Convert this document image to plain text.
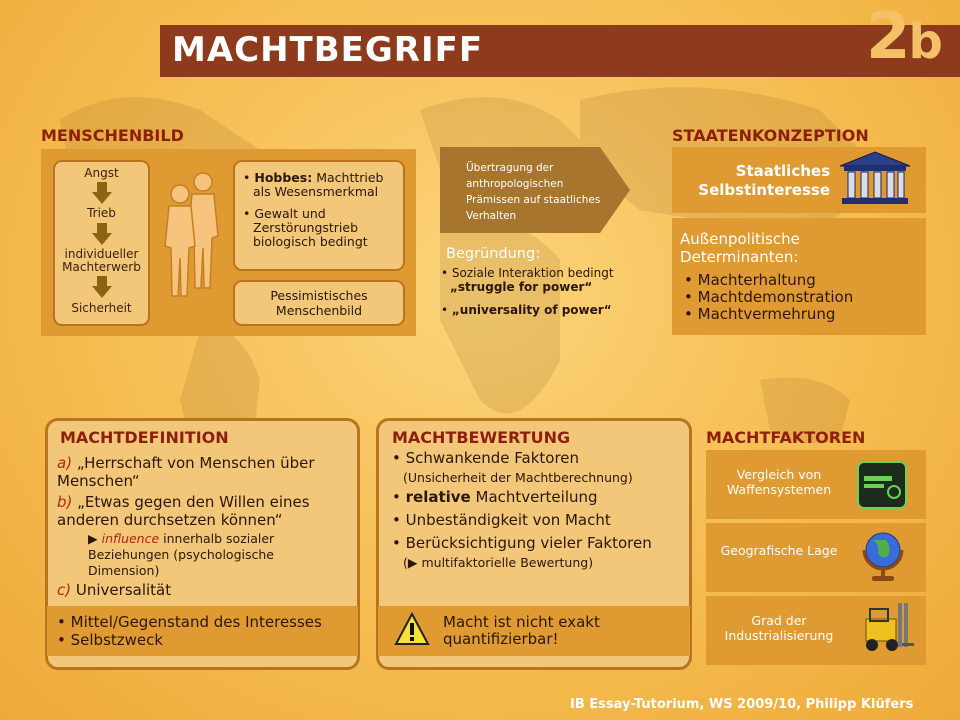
MACHTBEGRIFF	2b
MENSCHENBILD
Angst
Trieb
individueller Machterwerb
Sicherheit
• Hobbes: Machttrieb als Wesensmerkmal
• Gewalt und Zerstörungstrieb biologisch bedingt
Pessimistisches Menschenbild
Übertragung der anthropologischen Prämissen auf staatliches Verhalten
Begründung:
• Soziale Interaktion bedingt „struggle for power“
• „universality of power“
STAATENKONZEPTION
Staatliches Selbstinteresse
Außenpolitische Determinanten:
• Machterhaltung
• Machtdemonstration
• Machtvermehrung
MACHTDEFINITION
a) „Herrschaft von Menschen über Menschen“
b) „Etwas gegen den Willen eines anderen durchsetzen können“
▶ influence innerhalb sozialer Beziehungen (psychologische Dimension)
c) Universalität
• Mittel/Gegenstand des Interesses
• Selbstzweck
MACHTBEWERTUNG
• Schwankende Faktoren
(Unsicherheit der Machtberechnung)
• relative Machtverteilung
• Unbeständigkeit von Macht
• Berücksichtigung vieler Faktoren
(▶ multifaktorielle Bewertung)
Macht ist nicht exakt quantifizierbar!
MACHTFAKTOREN
Vergleich von Waffensystemen
Geografische Lage
Grad der Industrialisierung
IB Essay-Tutorium, WS 2009/10, Philipp Klüfers
